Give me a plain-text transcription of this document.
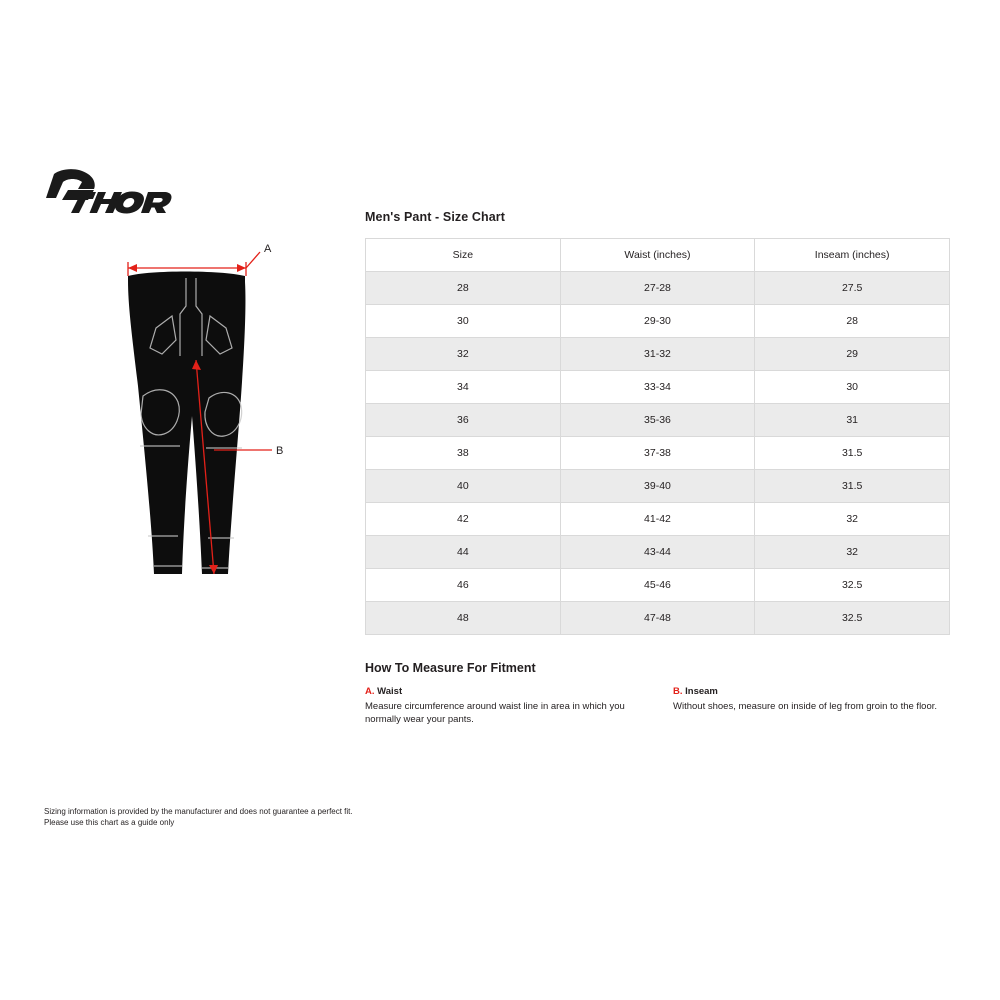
A
B
Men's Pant - Size Chart
Size	Waist (inches)	Inseam (inches)
28	27-28	27.5
30	29-30	28
32	31-32	29
34	33-34	30
36	35-36	31
38	37-38	31.5
40	39-40	31.5
42	41-42	32
44	43-44	32
46	45-46	32.5
48	47-48	32.5
How To Measure For Fitment
A. Waist
Measure circumference around waist line in area in which you normally wear your pants.
B. Inseam
Without shoes, measure on inside of leg from groin to the floor.
Sizing information is provided by the manufacturer and does not guarantee a perfect fit.
Please use this chart as a guide only
